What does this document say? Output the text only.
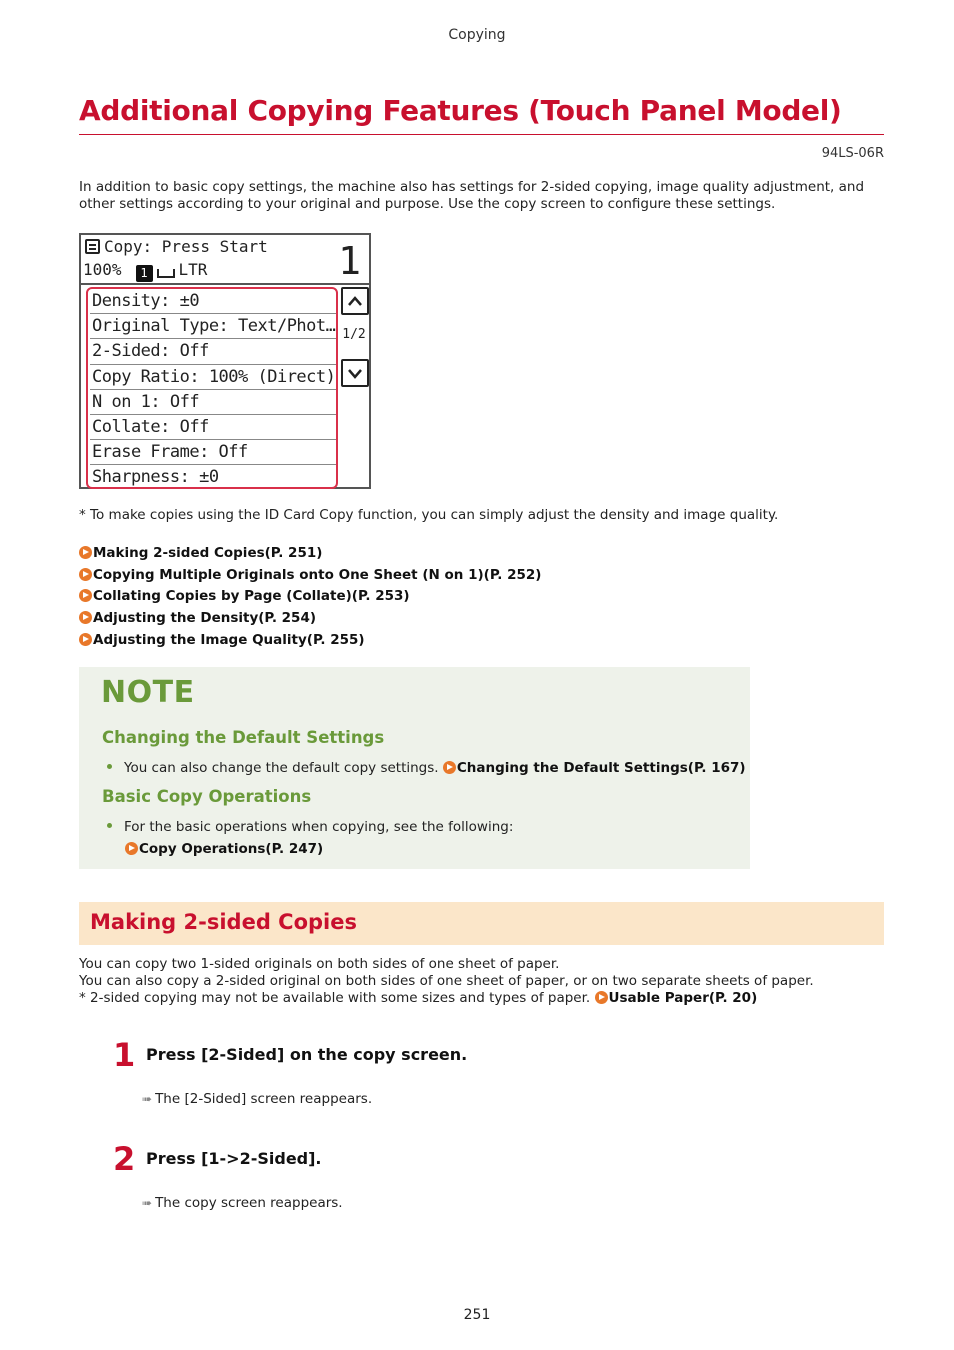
Copying
Additional Copying Features (Touch Panel Model)
94LS-06R

In addition to basic copy settings, the machine also has settings for 2-sided copying, image quality adjustment, and other settings according to your original and purpose. Use the copy screen to configure these settings.

Copy: Press Start
100% 1 LTR	1
Density: ±0
Original Type: Text/Phot…
2-Sided: Off
Copy Ratio: 100% (Direct)
N on 1: Off
Collate: Off
Erase Frame: Off
Sharpness: ±0
1/2

* To make copies using the ID Card Copy function, you can simply adjust the density and image quality.

Making 2-sided Copies(P. 251)
Copying Multiple Originals onto One Sheet (N on 1)(P. 252)
Collating Copies by Page (Collate)(P. 253)
Adjusting the Density(P. 254)
Adjusting the Image Quality(P. 255)
NOTE
Changing the Default Settings
You can also change the default copy settings. Changing the Default Settings(P. 167)
Basic Copy Operations
For the basic operations when copying, see the following:
Copy Operations(P. 247)
Making 2-sided Copies
You can copy two 1-sided originals on both sides of one sheet of paper.
You can also copy a 2-sided original on both sides of one sheet of paper, or on two separate sheets of paper.
* 2-sided copying may not be available with some sizes and types of paper. Usable Paper(P. 20)
1 Press [2-Sided] on the copy screen.
➠ The [2-Sided] screen reappears.
2 Press [1->2-Sided].
➠ The copy screen reappears.
251
